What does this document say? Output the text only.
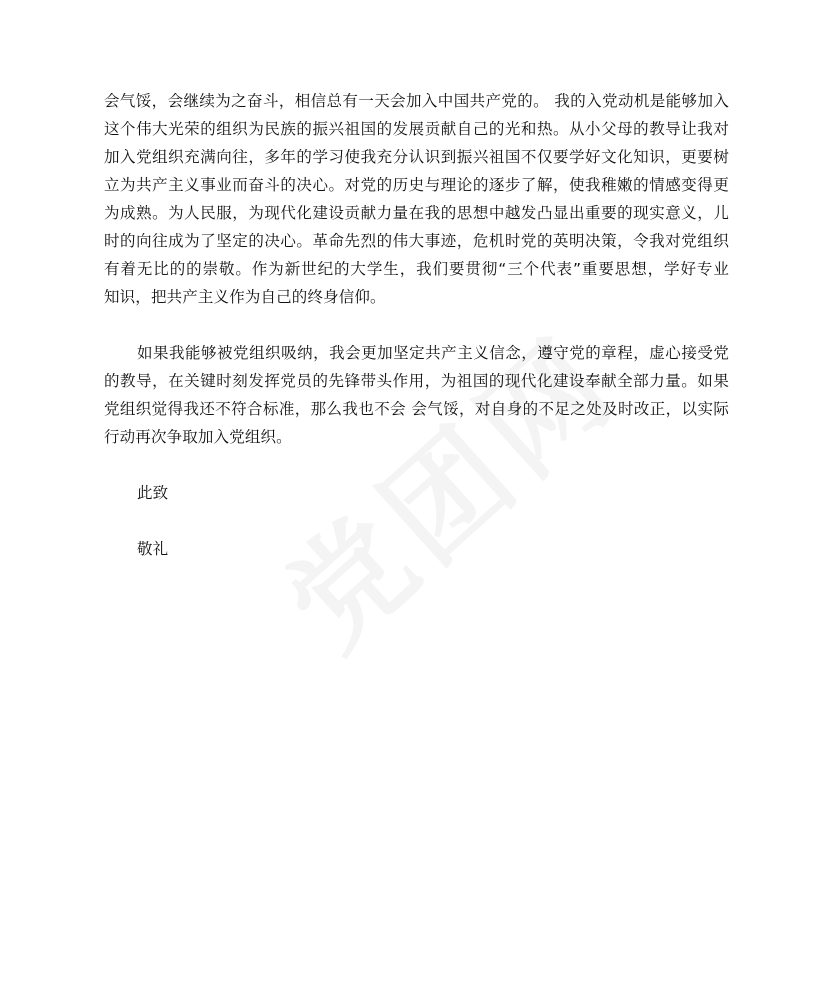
会气馁，会继续为之奋斗，相信总有一天会加入中国共产党的。 我的入党动机是能够加入
这个伟大光荣的组织为民族的振兴祖国的发展贡献自己的光和热。从小父母的教导让我对
加入党组织充满向往，多年的学习使我充分认识到振兴祖国不仅要学好文化知识，更要树
立为共产主义事业而奋斗的决心。对党的历史与理论的逐步了解，使我稚嫩的情感变得更
为成熟。为人民服，为现代化建设贡献力量在我的思想中越发凸显出重要的现实意义，儿
时的向往成为了坚定的决心。革命先烈的伟大事迹，危机时党的英明决策，令我对党组织
有着无比的的崇敬。作为新世纪的大学生，我们要贯彻“三个代表”重要思想，学好专业
知识，把共产主义作为自己的终身信仰。
如果我能够被党组织吸纳，我会更加坚定共产主义信念，遵守党的章程，虚心接受党
的教导，在关键时刻发挥党员的先锋带头作用，为祖国的现代化建设奉献全部力量。如果
党组织觉得我还不符合标准，那么我也不会 会气馁，对自身的不足之处及时改正，以实际
行动再次争取加入党组织。
此致
敬礼
